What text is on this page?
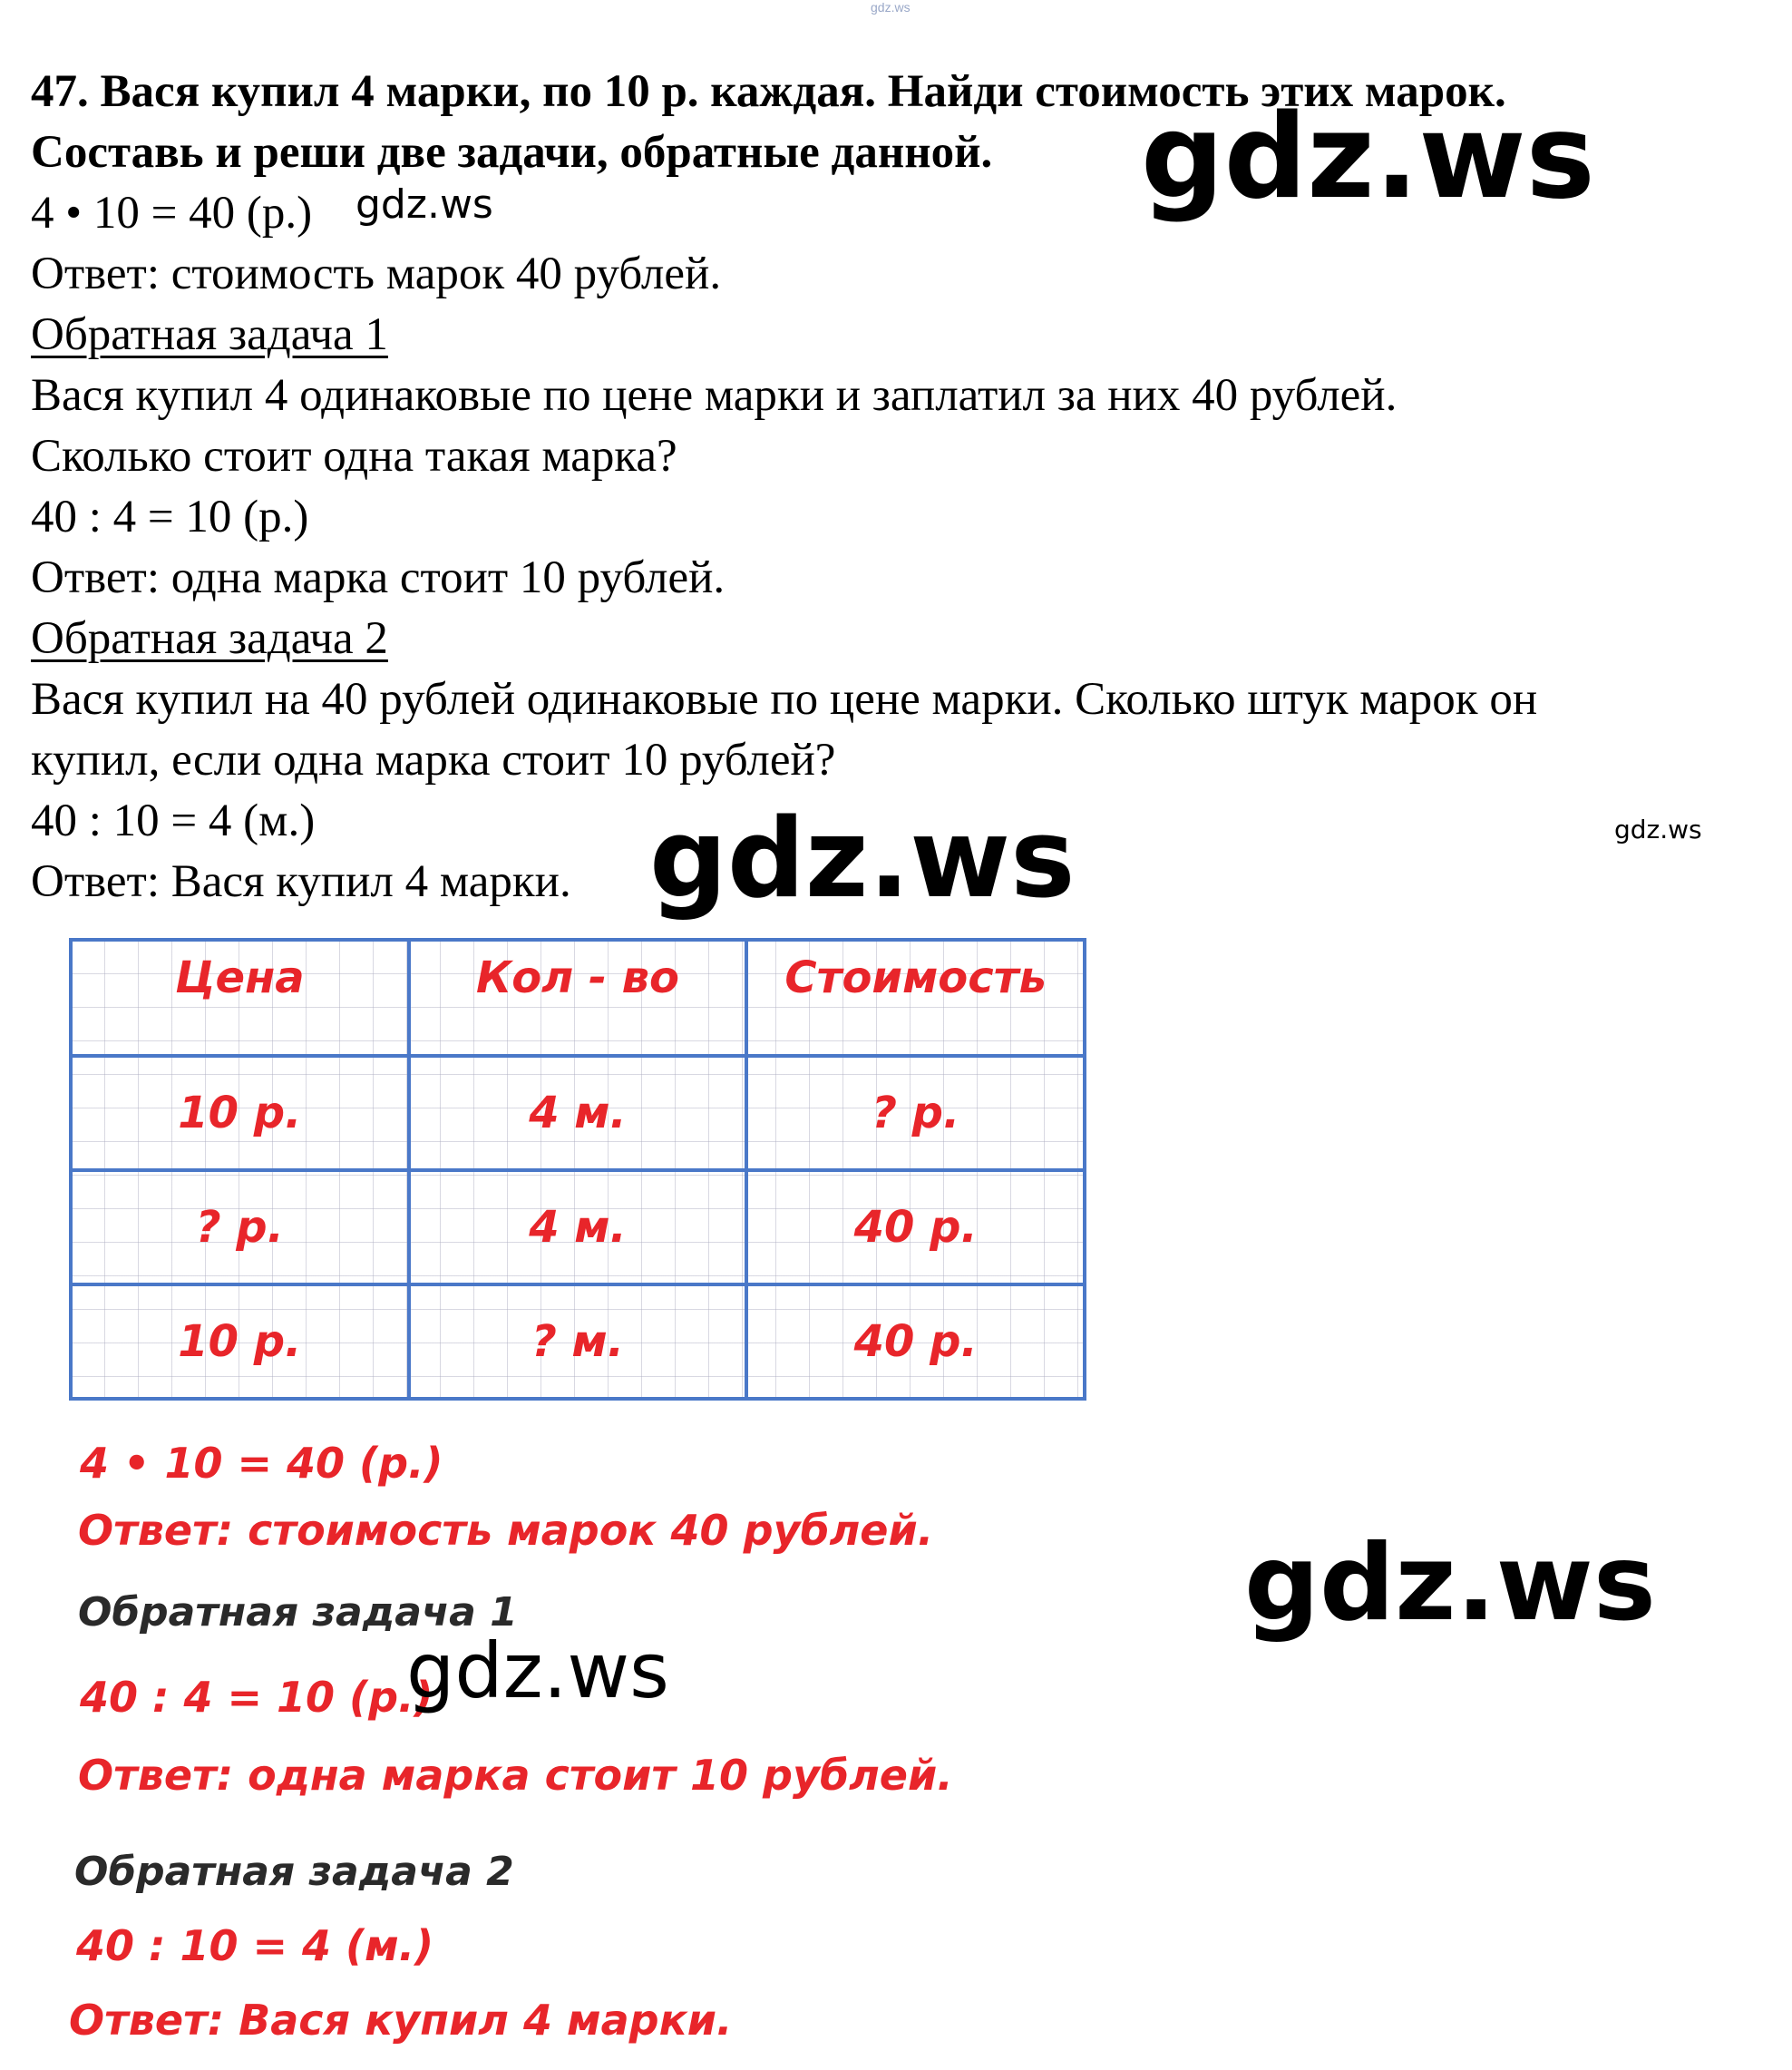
gdz.ws
47. Вася купил 4 марки, по 10 р. каждая. Найди стоимость этих марок.
Составь и реши две задачи, обратные данной.
4 • 10 = 40 (р.)
Ответ: стоимость марок 40 рублей.
Обратная задача 1
Вася купил 4 одинаковые по цене марки и заплатил за них 40 рублей.
Сколько стоит одна такая марка?
40 : 4 = 10 (р.)
Ответ: одна марка стоит 10 рублей.
Обратная задача 2
Вася купил на 40 рублей одинаковые по цене марки. Сколько штук марок он
купил, если одна марка стоит 10 рублей?
40 : 10 = 4 (м.)
Ответ: Вася купил 4 марки.
gdz.ws
gdz.ws
gdz.ws
gdz.ws
Цена	Кол - во	Стоимость
10 р.	4 м.	? р.
? р.	4 м.	40 р.
10 р.	? м.	40 р.
4 • 10 = 40 (р.)
Ответ: стоимость марок 40 рублей.
Обратная задача 1
40 : 4 = 10 (р.)
Ответ: одна марка стоит 10 рублей.
Обратная задача 2
40 : 10 = 4 (м.)
Ответ: Вася купил 4 марки.
gdz.ws
gdz.ws
